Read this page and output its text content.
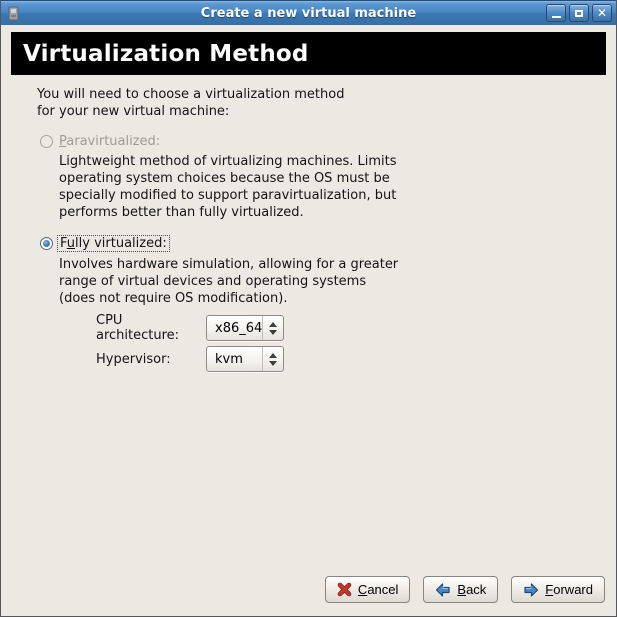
Create a new virtual machine	✕
Virtualization Method
You will need to choose a virtualization method
for your new virtual machine:
Paravirtualized:
Lightweight method of virtualizing machines. Limits
operating system choices because the OS must be
specially modified to support paravirtualization, but
performs better than fully virtualized.
Fully virtualized:
Involves hardware simulation, allowing for a greater
range of virtual devices and operating systems
(does not require OS modification).
CPU architecture:	x86_64
Hypervisor:	kvm
Cancel	Back	Forward
